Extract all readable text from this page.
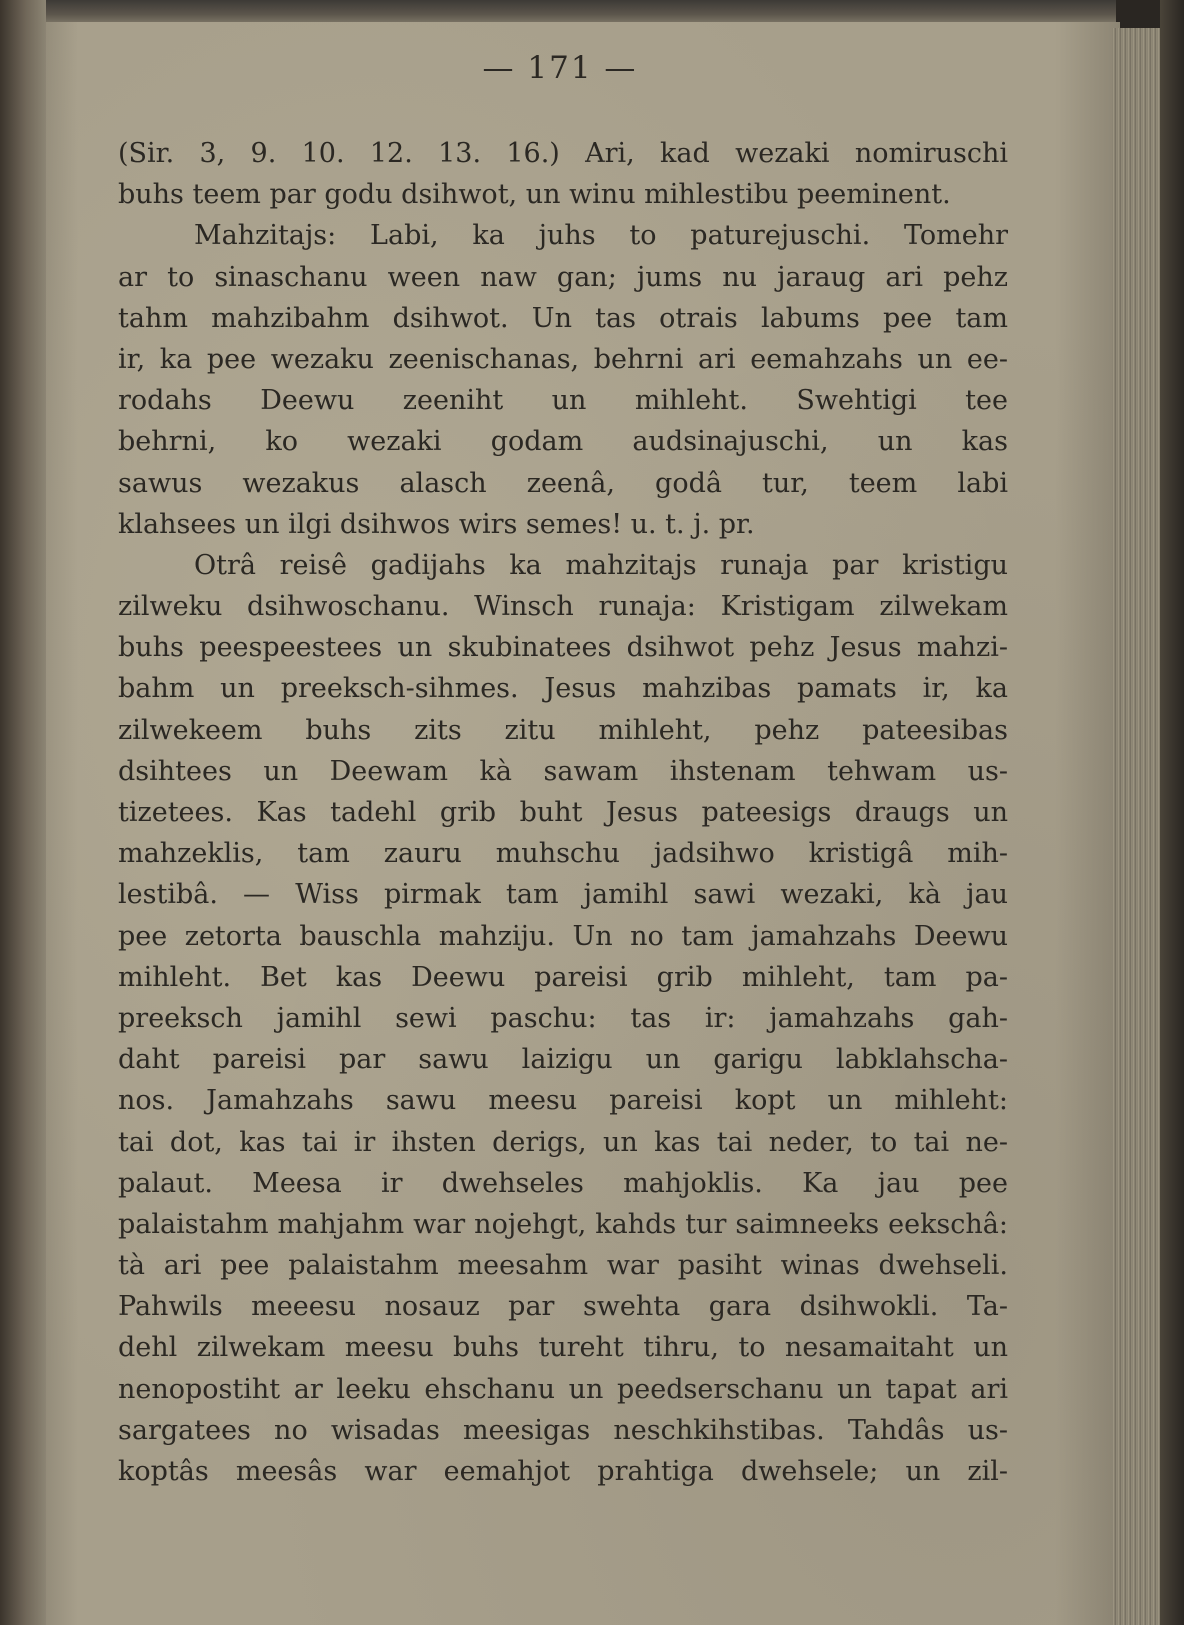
— 171 —
(Sir. 3, 9. 10. 12. 13. 16.) Ari, kad wezaki nomiruschi
buhs teem par godu dsihwot, un winu mihlestibu peeminent.
Mahzitajs: Labi, ka juhs to paturejuschi. Tomehr
ar to sinaschanu ween naw gan; jums nu jaraug ari pehz
tahm mahzibahm dsihwot. Un tas otrais labums pee tam
ir, ka pee wezaku zeenischanas, behrni ari eemahzahs un ee-
rodahs Deewu zeeniht un mihleht. Swehtigi tee
behrni, ko wezaki godam audsinajuschi, un kas
sawus wezakus alasch zeenâ, godâ tur, teem labi
klahsees un ilgi dsihwos wirs semes! u. t. j. pr.
Otrâ reisê gadijahs ka mahzitajs runaja par kristigu
zilweku dsihwoschanu. Winsch runaja: Kristigam zilwekam
buhs peespeestees un skubinatees dsihwot pehz Jesus mahzi-
bahm un preeksch-sihmes. Jesus mahzibas pamats ir, ka
zilwekeem buhs zits zitu mihleht, pehz pateesibas
dsihtees un Deewam kà sawam ihstenam tehwam us-
tizetees. Kas tadehl grib buht Jesus pateesigs draugs un
mahzeklis, tam zauru muhschu jadsihwo kristigâ mih-
lestibâ. — Wiss pirmak tam jamihl sawi wezaki, kà jau
pee zetorta bauschla mahziju. Un no tam jamahzahs Deewu
mihleht. Bet kas Deewu pareisi grib mihleht, tam pa-
preeksch jamihl sewi paschu: tas ir: jamahzahs gah-
daht pareisi par sawu laizigu un garigu labklahscha-
nos. Jamahzahs sawu meesu pareisi kopt un mihleht:
tai dot, kas tai ir ihsten derigs, un kas tai neder, to tai ne-
palaut. Meesa ir dwehseles mahjoklis. Ka jau pee
palaistahm mahjahm war nojehgt, kahds tur saimneeks eekschâ:
tà ari pee palaistahm meesahm war pasiht winas dwehseli.
Pahwils meeesu nosauz par swehta gara dsihwokli. Ta-
dehl zilwekam meesu buhs tureht tihru, to nesamaitaht un
nenopostiht ar leeku ehschanu un peedserschanu un tapat ari
sargatees no wisadas meesigas neschkihstibas. Tahdâs us-
koptâs meesâs war eemahjot prahtiga dwehsele; un zil-
